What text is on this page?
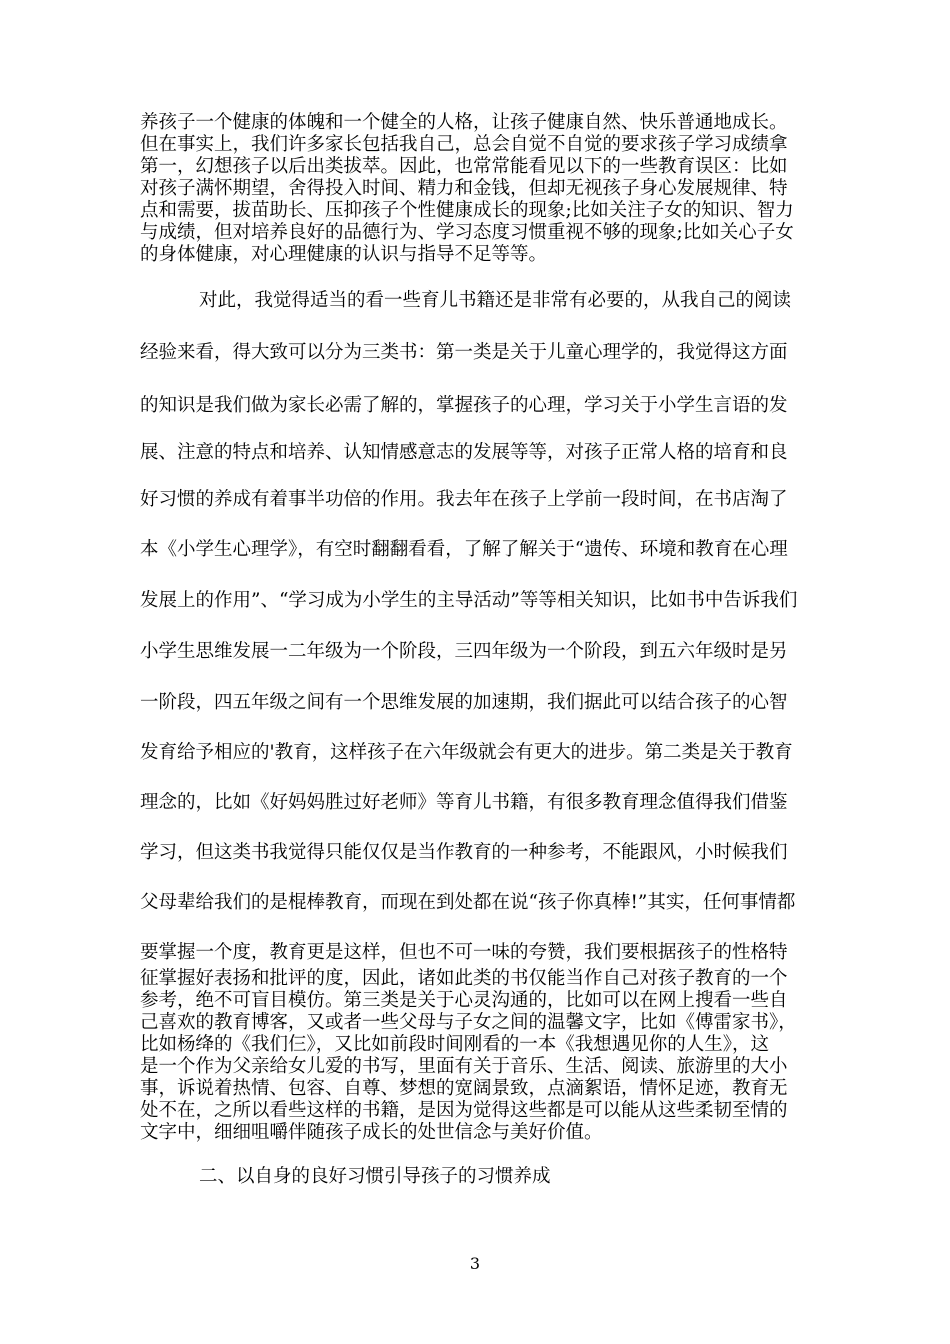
养孩子一个健康的体魄和一个健全的人格，让孩子健康自然、快乐普通地成长。
但在事实上，我们许多家长包括我自己，总会自觉不自觉的要求孩子学习成绩拿
第一，幻想孩子以后出类拔萃。因此，也常常能看见以下的一些教育误区：比如
对孩子满怀期望，舍得投入时间、精力和金钱，但却无视孩子身心发展规律、特
点和需要，拔苗助长、压抑孩子个性健康成长的现象;比如关注子女的知识、智力
与成绩，但对培养良好的品德行为、学习态度习惯重视不够的现象;比如关心子女
的身体健康，对心理健康的认识与指导不足等等。
对此，我觉得适当的看一些育儿书籍还是非常有必要的，从我自己的阅读
经验来看，得大致可以分为三类书：第一类是关于儿童心理学的，我觉得这方面
的知识是我们做为家长必需了解的，掌握孩子的心理，学习关于小学生言语的发
展、注意的特点和培养、认知情感意志的发展等等，对孩子正常人格的培育和良
好习惯的养成有着事半功倍的作用。我去年在孩子上学前一段时间，在书店淘了
本《小学生心理学》，有空时翻翻看看，了解了解关于“遗传、环境和教育在心理
发展上的作用”、“学习成为小学生的主导活动”等等相关知识，比如书中告诉我们
小学生思维发展一二年级为一个阶段，三四年级为一个阶段，到五六年级时是另
一阶段，四五年级之间有一个思维发展的加速期，我们据此可以结合孩子的心智
发育给予相应的'教育，这样孩子在六年级就会有更大的进步。第二类是关于教育
理念的，比如《好妈妈胜过好老师》等育儿书籍，有很多教育理念值得我们借鉴
学习，但这类书我觉得只能仅仅是当作教育的一种参考，不能跟风，小时候我们
父母辈给我们的是棍棒教育，而现在到处都在说“孩子你真棒!”其实，任何事情都
要掌握一个度，教育更是这样，但也不可一味的夸赞，我们要根据孩子的性格特
征掌握好表扬和批评的度，因此，诸如此类的书仅能当作自己对孩子教育的一个
参考，绝不可盲目模仿。第三类是关于心灵沟通的，比如可以在网上搜看一些自
己喜欢的教育博客，又或者一些父母与子女之间的温馨文字，比如《傅雷家书》，
比如杨绛的《我们仨》，又比如前段时间刚看的一本《我想遇见你的人生》，这
是一个作为父亲给女儿爱的书写，里面有关于音乐、生活、阅读、旅游里的大小
事，诉说着热情、包容、自尊、梦想的宽阔景致，点滴絮语，情怀足迹，教育无
处不在，之所以看些这样的书籍，是因为觉得这些都是可以能从这些柔韧至情的
文字中，细细咀嚼伴随孩子成长的处世信念与美好价值。
二、以自身的良好习惯引导孩子的习惯养成
3
